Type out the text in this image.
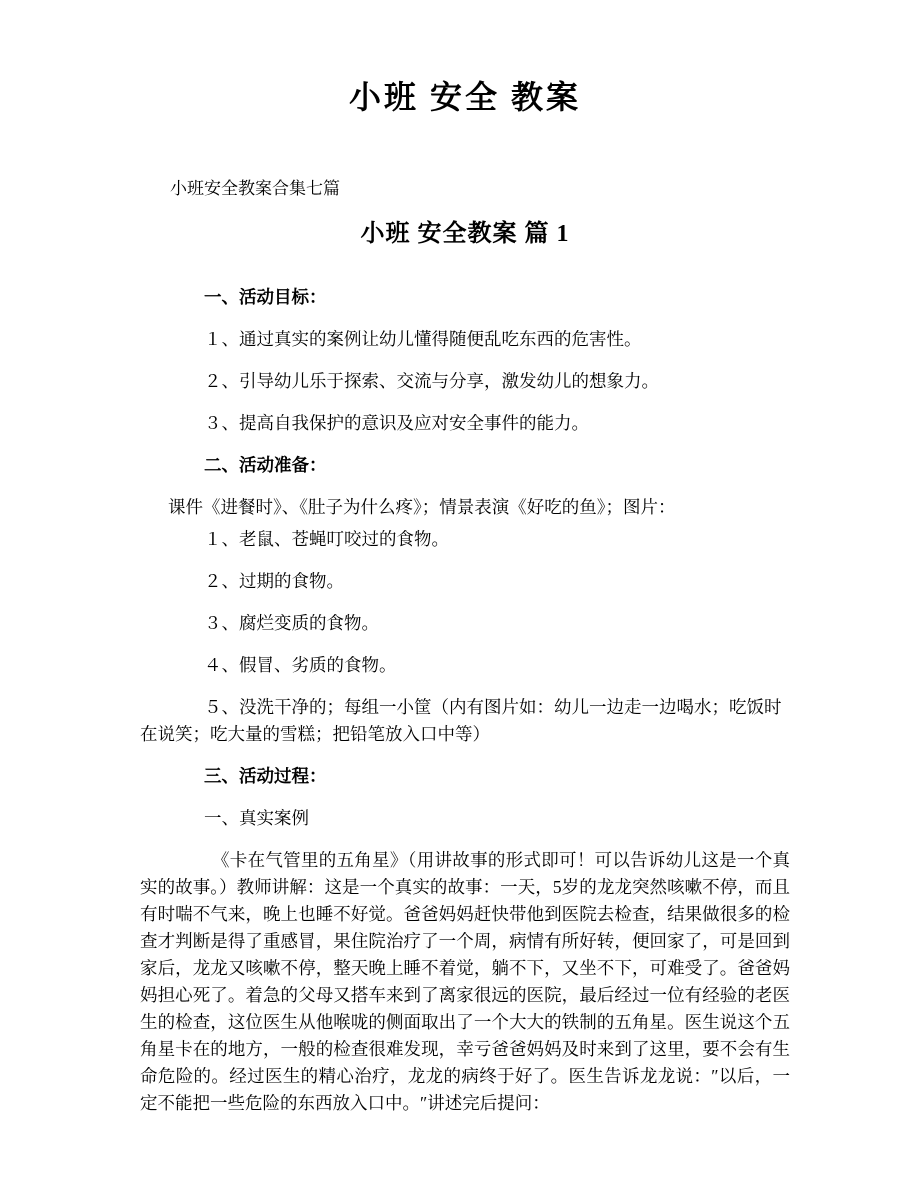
小班 安全 教案

小班安全教案合集七篇

小班 安全教案 篇 1

一、活动目标：

１、通过真实的案例让幼儿懂得随便乱吃东西的危害性。

２、引导幼儿乐于探索、交流与分享，激发幼儿的想象力。

３、提高自我保护的意识及应对安全事件的能力。

二、活动准备：

课件《进餐时》、《肚子为什么疼》；情景表演《好吃的鱼》；图片：

１、老鼠、苍蝇叮咬过的食物。

２、过期的食物。

３、腐烂变质的食物。

４、假冒、劣质的食物。

５、没洗干净的；每组一小筐（内有图片如：幼儿一边走一边喝水；吃饭时在说笑；吃大量的雪糕；把铅笔放入口中等）

三、活动过程：

一、真实案例

《卡在气管里的五角星》（用讲故事的形式即可！可以告诉幼儿这是一个真实的故事。）教师讲解：这是一个真实的故事：一天，5岁的龙龙突然咳嗽不停，而且有时喘不气来，晚上也睡不好觉。爸爸妈妈赶快带他到医院去检查，结果做很多的检查才判断是得了重感冒，果住院治疗了一个周，病情有所好转，便回家了，可是回到家后，龙龙又咳嗽不停，整天晚上睡不着觉，躺不下，又坐不下，可难受了。爸爸妈妈担心死了。着急的父母又搭车来到了离家很远的医院，最后经过一位有经验的老医生的检查，这位医生从他喉咙的侧面取出了一个大大的铁制的五角星。医生说这个五角星卡在的地方，一般的检查很难发现，幸亏爸爸妈妈及时来到了这里，要不会有生命危险的。经过医生的精心治疗，龙龙的病终于好了。医生告诉龙龙说：″以后，一定不能把一些危险的东西放入口中。″讲述完后提问：
